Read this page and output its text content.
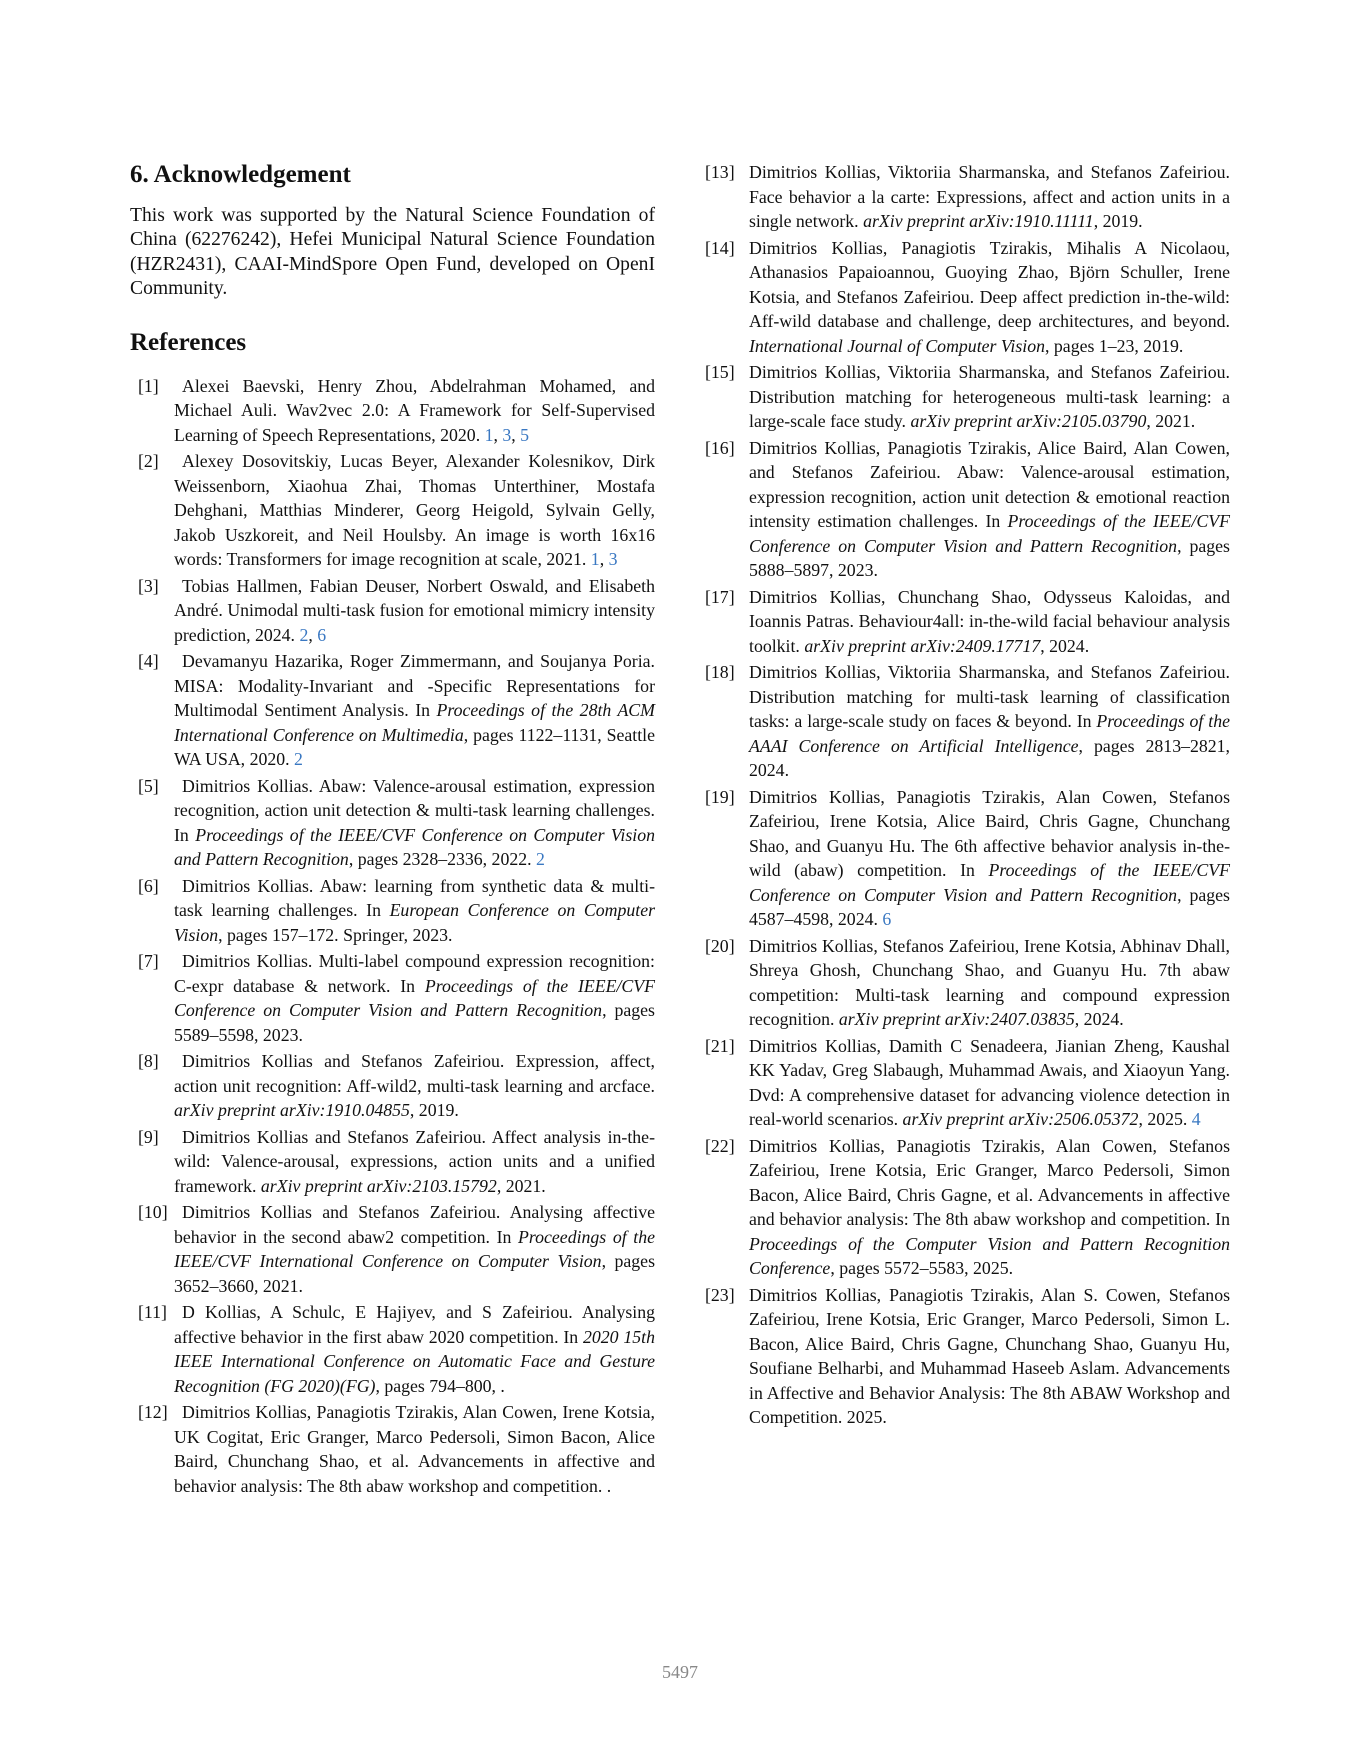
6. Acknowledgement

This work was supported by the Natural Science Foundation of China (62276242), Hefei Municipal Natural Science Foundation (HZR2431), CAAI-MindSpore Open Fund, developed on OpenI Community.

References
[1] Alexei Baevski, Henry Zhou, Abdelrahman Mohamed, and Michael Auli. Wav2vec 2.0: A Framework for Self-Supervised Learning of Speech Representations, 2020. 1, 3, 5
[2] Alexey Dosovitskiy, Lucas Beyer, Alexander Kolesnikov, Dirk Weissenborn, Xiaohua Zhai, Thomas Unterthiner, Mostafa Dehghani, Matthias Minderer, Georg Heigold, Sylvain Gelly, Jakob Uszkoreit, and Neil Houlsby. An image is worth 16x16 words: Transformers for image recognition at scale, 2021. 1, 3
[3] Tobias Hallmen, Fabian Deuser, Norbert Oswald, and Elisabeth André. Unimodal multi-task fusion for emotional mimicry intensity prediction, 2024. 2, 6
[4] Devamanyu Hazarika, Roger Zimmermann, and Soujanya Poria. MISA: Modality-Invariant and -Specific Representations for Multimodal Sentiment Analysis. In Proceedings of the 28th ACM International Conference on Multimedia, pages 1122–1131, Seattle WA USA, 2020. 2
[5] Dimitrios Kollias. Abaw: Valence-arousal estimation, expression recognition, action unit detection & multi-task learning challenges. In Proceedings of the IEEE/CVF Conference on Computer Vision and Pattern Recognition, pages 2328–2336, 2022. 2
[6] Dimitrios Kollias. Abaw: learning from synthetic data & multi-task learning challenges. In European Conference on Computer Vision, pages 157–172. Springer, 2023.
[7] Dimitrios Kollias. Multi-label compound expression recognition: C-expr database & network. In Proceedings of the IEEE/CVF Conference on Computer Vision and Pattern Recognition, pages 5589–5598, 2023.
[8] Dimitrios Kollias and Stefanos Zafeiriou. Expression, affect, action unit recognition: Aff-wild2, multi-task learning and arcface. arXiv preprint arXiv:1910.04855, 2019.
[9] Dimitrios Kollias and Stefanos Zafeiriou. Affect analysis in-the-wild: Valence-arousal, expressions, action units and a unified framework. arXiv preprint arXiv:2103.15792, 2021.
[10] Dimitrios Kollias and Stefanos Zafeiriou. Analysing affective behavior in the second abaw2 competition. In Proceedings of the IEEE/CVF International Conference on Computer Vision, pages 3652–3660, 2021.
[11] D Kollias, A Schulc, E Hajiyev, and S Zafeiriou. Analysing affective behavior in the first abaw 2020 competition. In 2020 15th IEEE International Conference on Automatic Face and Gesture Recognition (FG 2020)(FG), pages 794–800, .
[12] Dimitrios Kollias, Panagiotis Tzirakis, Alan Cowen, Irene Kotsia, UK Cogitat, Eric Granger, Marco Pedersoli, Simon Bacon, Alice Baird, Chunchang Shao, et al. Advancements in affective and behavior analysis: The 8th abaw workshop and competition. .
[13] Dimitrios Kollias, Viktoriia Sharmanska, and Stefanos Zafeiriou. Face behavior a la carte: Expressions, affect and action units in a single network. arXiv preprint arXiv:1910.11111, 2019.
[14] Dimitrios Kollias, Panagiotis Tzirakis, Mihalis A Nicolaou, Athanasios Papaioannou, Guoying Zhao, Björn Schuller, Irene Kotsia, and Stefanos Zafeiriou. Deep affect prediction in-the-wild: Aff-wild database and challenge, deep architectures, and beyond. International Journal of Computer Vision, pages 1–23, 2019.
[15] Dimitrios Kollias, Viktoriia Sharmanska, and Stefanos Zafeiriou. Distribution matching for heterogeneous multi-task learning: a large-scale face study. arXiv preprint arXiv:2105.03790, 2021.
[16] Dimitrios Kollias, Panagiotis Tzirakis, Alice Baird, Alan Cowen, and Stefanos Zafeiriou. Abaw: Valence-arousal estimation, expression recognition, action unit detection & emotional reaction intensity estimation challenges. In Proceedings of the IEEE/CVF Conference on Computer Vision and Pattern Recognition, pages 5888–5897, 2023.
[17] Dimitrios Kollias, Chunchang Shao, Odysseus Kaloidas, and Ioannis Patras. Behaviour4all: in-the-wild facial behaviour analysis toolkit. arXiv preprint arXiv:2409.17717, 2024.
[18] Dimitrios Kollias, Viktoriia Sharmanska, and Stefanos Zafeiriou. Distribution matching for multi-task learning of classification tasks: a large-scale study on faces & beyond. In Proceedings of the AAAI Conference on Artificial Intelligence, pages 2813–2821, 2024.
[19] Dimitrios Kollias, Panagiotis Tzirakis, Alan Cowen, Stefanos Zafeiriou, Irene Kotsia, Alice Baird, Chris Gagne, Chunchang Shao, and Guanyu Hu. The 6th affective behavior analysis in-the-wild (abaw) competition. In Proceedings of the IEEE/CVF Conference on Computer Vision and Pattern Recognition, pages 4587–4598, 2024. 6
[20] Dimitrios Kollias, Stefanos Zafeiriou, Irene Kotsia, Abhinav Dhall, Shreya Ghosh, Chunchang Shao, and Guanyu Hu. 7th abaw competition: Multi-task learning and compound expression recognition. arXiv preprint arXiv:2407.03835, 2024.
[21] Dimitrios Kollias, Damith C Senadeera, Jianian Zheng, Kaushal KK Yadav, Greg Slabaugh, Muhammad Awais, and Xiaoyun Yang. Dvd: A comprehensive dataset for advancing violence detection in real-world scenarios. arXiv preprint arXiv:2506.05372, 2025. 4
[22] Dimitrios Kollias, Panagiotis Tzirakis, Alan Cowen, Stefanos Zafeiriou, Irene Kotsia, Eric Granger, Marco Pedersoli, Simon Bacon, Alice Baird, Chris Gagne, et al. Advancements in affective and behavior analysis: The 8th abaw workshop and competition. In Proceedings of the Computer Vision and Pattern Recognition Conference, pages 5572–5583, 2025.
[23] Dimitrios Kollias, Panagiotis Tzirakis, Alan S. Cowen, Stefanos Zafeiriou, Irene Kotsia, Eric Granger, Marco Pedersoli, Simon L. Bacon, Alice Baird, Chris Gagne, Chunchang Shao, Guanyu Hu, Soufiane Belharbi, and Muhammad Haseeb Aslam. Advancements in Affective and Behavior Analysis: The 8th ABAW Workshop and Competition. 2025.
5497
